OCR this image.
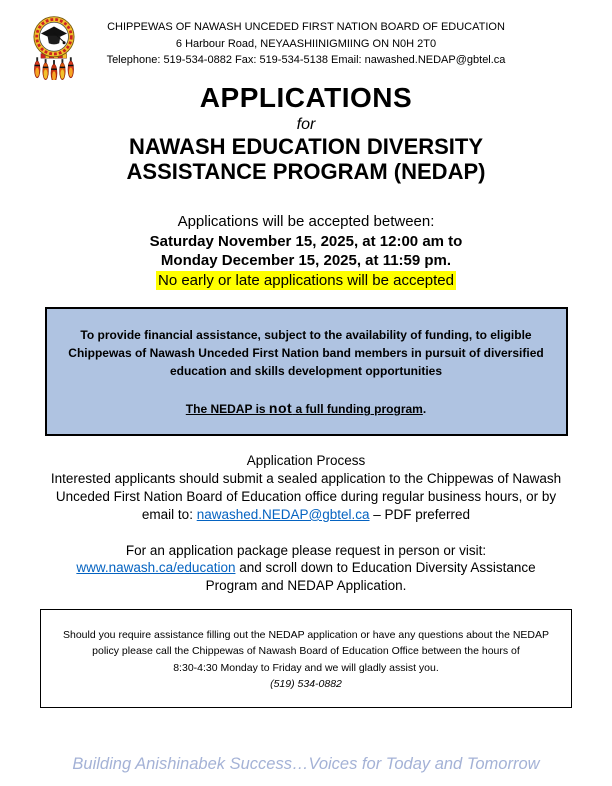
CHIPPEWAS OF NAWASH UNCEDED FIRST NATION BOARD OF EDUCATION
6 Harbour Road, NEYAASHIINIGMIING ON N0H 2T0
Telephone: 519-534-0882 Fax: 519-534-5138 Email: nawashed.NEDAP@gbtel.ca
APPLICATIONS
for
NAWASH EDUCATION DIVERSITY
ASSISTANCE PROGRAM (NEDAP)
Applications will be accepted between:
Saturday November 15, 2025, at 12:00 am to
Monday December 15, 2025, at 11:59 pm.
No early or late applications will be accepted

To provide financial assistance, subject to the availability of funding, to eligible Chippewas of Nawash Unceded First Nation band members in pursuit of diversified education and skills development opportunities

The NEDAP is not a full funding program.

Application Process

Interested applicants should submit a sealed application to the Chippewas of Nawash Unceded First Nation Board of Education office during regular business hours, or by email to: nawashed.NEDAP@gbtel.ca – PDF preferred

For an application package please request in person or visit:

www.nawash.ca/education and scroll down to Education Diversity Assistance Program and NEDAP Application.

Should you require assistance filling out the NEDAP application or have any questions about the NEDAP policy please call the Chippewas of Nawash Board of Education Office between the hours of

8:30-4:30 Monday to Friday and we will gladly assist you.
(519) 534-0882
Building Anishinabek Success…Voices for Today and Tomorrow
